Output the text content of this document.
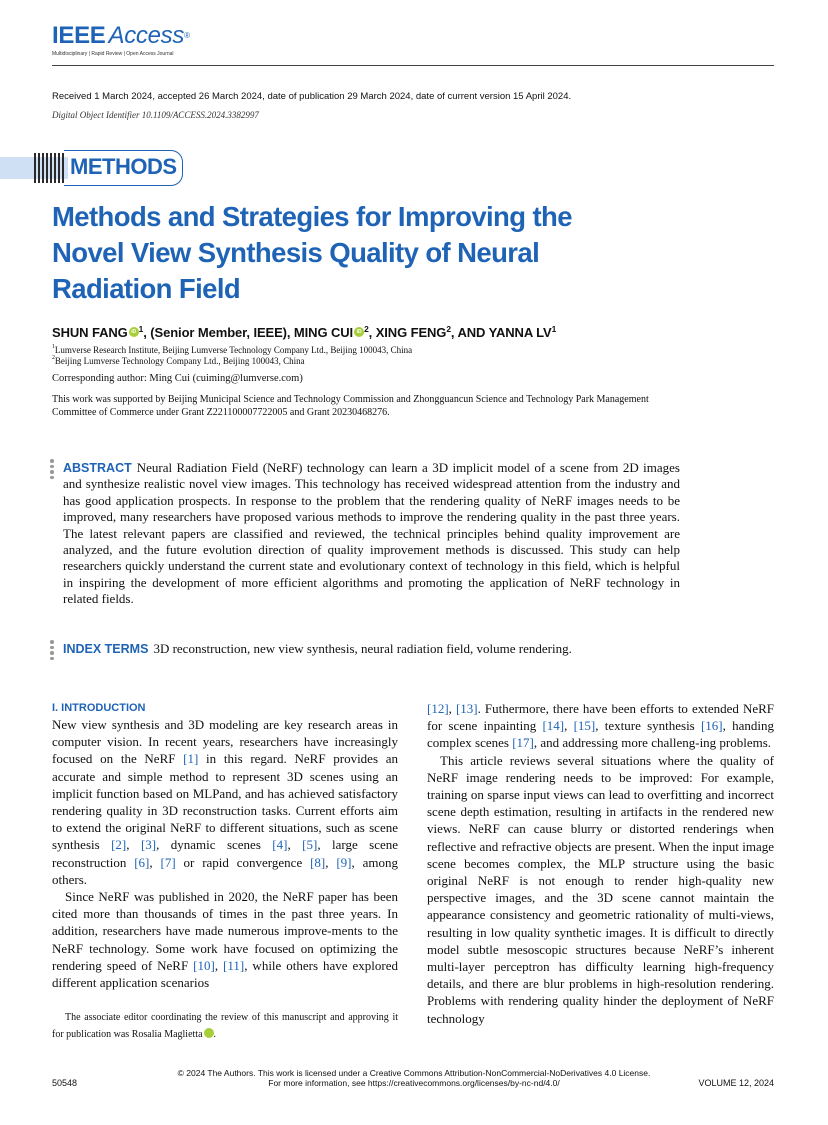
IEEE Access®
Multidisciplinary | Rapid Review | Open Access Journal
Received 1 March 2024, accepted 26 March 2024, date of publication 29 March 2024, date of current version 15 April 2024.
Digital Object Identifier 10.1109/ACCESS.2024.3382997
METHODS
Methods and Strategies for Improving the Novel View Synthesis Quality of Neural Radiation Field
SHUN FANG iD $^1$, (Senior Member, IEEE), MING CUI iD $^2$, XING FENG$^2$, AND YANNA $LV^1$
$^1$Lumverse Research Institute, Beijing Lumverse Technology Company Ltd., Beijing 100043, China
$^2$Beijing Lumverse Technology Company Ltd., Beijing 100043, China
Corresponding author: Ming Cui (cuiming@lumverse.com)
This work was supported by Beijing Municipal Science and Technology Commission and Zhongguancun Science and Technology Park Management Committee of Commerce under Grant Z221100007722005 and Grant 20230468276.
ABSTRACT Neural Radiation Field (NeRF) technology can learn a 3D implicit model of a scene from 2D images and synthesize realistic novel view images. This technology has received widespread attention from the industry and has good application prospects. In response to the problem that the rendering quality of NeRF images needs to be improved, many researchers have proposed various methods to improve the rendering quality in the past three years. The latest relevant papers are classified and reviewed, the technical principles behind quality improvement are analyzed, and the future evolution direction of quality improvement methods is discussed. This study can help researchers quickly understand the current state and evolutionary context of technology in this field, which is helpful in inspiring the development of more efficient algorithms and promoting the application of NeRF technology in related fields.
INDEX TERMS 3D reconstruction, new view synthesis, neural radiation field, volume rendering.
I. INTRODUCTION

New view synthesis and 3D modeling are key research areas in computer vision. In recent years, researchers have increasingly focused on the NeRF [1] in this regard. NeRF provides an accurate and simple method to represent 3D scenes using an implicit function based on MLPand, and has achieved satisfactory rendering quality in 3D reconstruction tasks. Current efforts aim to extend the original NeRF to different situations, such as scene synthesis [2], [3], dynamic scenes [4], [5], large scene reconstruction [6], [7] or rapid convergence [8], [9], among others.

Since NeRF was published in 2020, the NeRF paper has been cited more than thousands of times in the past three years. In addition, researchers have made numerous improve-ments to the NeRF technology. Some work have focused on optimizing the rendering speed of NeRF [10], [11], while others have explored different application scenarios

The associate editor coordinating the review of this manuscript and approving it for publication was Rosalia Maglietta	iD.

[12], [13]. Futhermore, there have been efforts to extended NeRF for scene inpainting [14], [15], texture synthesis [16], handing complex scenes [17], and addressing more challeng-ing problems.

This article reviews several situations where the quality of NeRF image rendering needs to be improved: For example, training on sparse input views can lead to overfitting and incorrect scene depth estimation, resulting in artifacts in the rendered new views. NeRF can cause blurry or distorted renderings when reflective and refractive objects are present. When the input image scene becomes complex, the MLP structure using the basic original NeRF is not enough to render high-quality new perspective images, and the 3D scene cannot maintain the appearance consistency and geometric rationality of multi-views, resulting in low quality synthetic images. It is difficult to directly model subtle mesoscopic structures because NeRF’s inherent multi-layer perceptron has difficulty learning high-frequency details, and there are blur problems in high-resolution rendering. Problems with rendering quality hinder the deployment of NeRF technology

© 2024 The Authors. This work is licensed under a Creative Commons Attribution-NonCommercial-NoDerivatives 4.0 License.
For more information, see https://creativecommons.org/licenses/by-nc-nd/4.0/
50548	VOLUME 12, 2024
